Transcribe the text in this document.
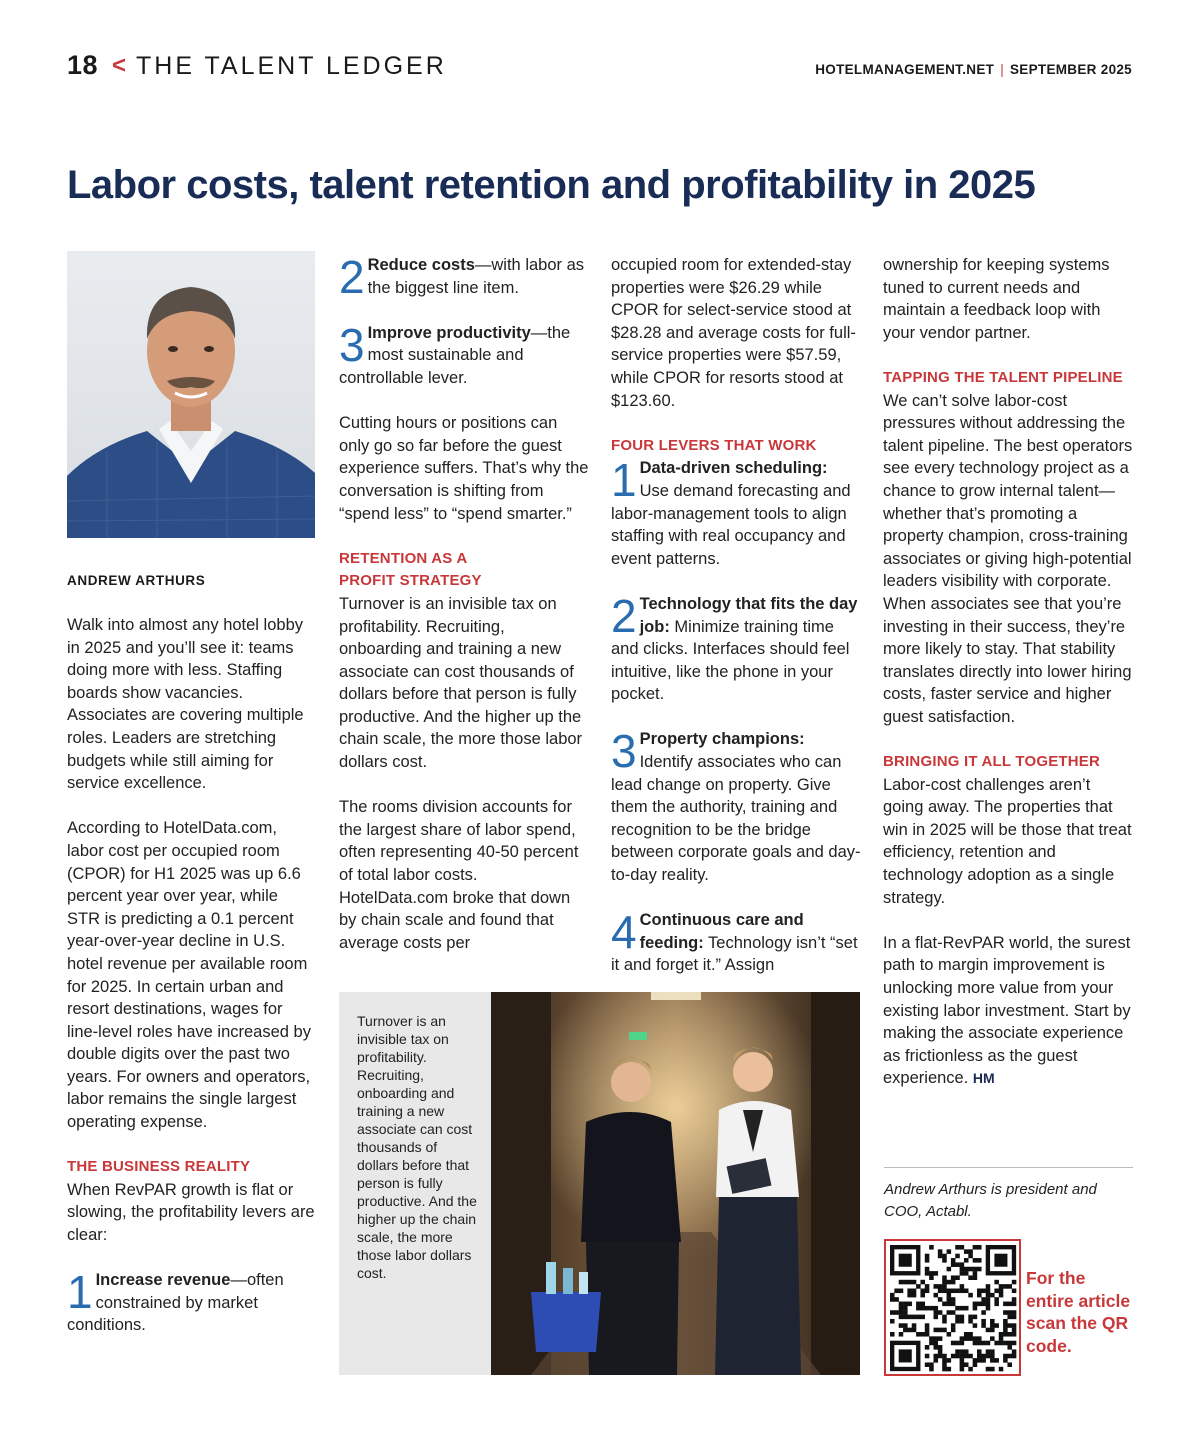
18 < THE TALENT LEDGER	HOTELMANAGEMENT.NET | SEPTEMBER 2025
Labor costs, talent retention and profitability in 2025
ANDREW ARTHURS

Walk into almost any hotel lobby in 2025 and you’ll see it: teams doing more with less. Staffing boards show vacancies. Associates are covering multiple roles. Leaders are stretching budgets while still aiming for service excellence.

According to HotelData.com, labor cost per occupied room (CPOR) for H1 2025 was up 6.6 percent year over year, while STR is predicting a 0.1 percent year-over-year decline in U.S. hotel revenue per available room for 2025. In certain urban and resort destinations, wages for line-level roles have increased by double digits over the past two years. For owners and operators, labor remains the single largest operating expense.

THE BUSINESS REALITY

When RevPAR growth is flat or slowing, the profitability levers are clear:

1 Increase revenue—often constrained by market conditions.

2 Reduce costs—with labor as the biggest line item.

3 Improve productivity—the most sustainable and controllable lever.

Cutting hours or positions can only go so far before the guest experience suffers. That’s why the conversation is shifting from “spend less” to “spend smarter.”

RETENTION AS A
PROFIT STRATEGY

Turnover is an invisible tax on profitability. Recruiting, onboarding and training a new associate can cost thousands of dollars before that person is fully productive. And the higher up the chain scale, the more those labor dollars cost.

The rooms division accounts for the largest share of labor spend, often representing 40-50 percent of total labor costs. HotelData.com broke that down by chain scale and found that average costs per

occupied room for extended-stay properties were $26.29 while CPOR for select-service stood at $28.28 and average costs for full-service properties were $57.59, while CPOR for resorts stood at $123.60.

FOUR LEVERS THAT WORK

1 Data-driven scheduling: Use demand forecasting and labor-management tools to align staffing with real occupancy and event patterns.

2 Technology that fits the day job: Minimize training time and clicks. Interfaces should feel intuitive, like the phone in your pocket.

3 Property champions: Identify associates who can lead change on property. Give them the authority, training and recognition to be the bridge between corporate goals and day-to-day reality.

4 Continuous care and feeding: Technology isn’t “set it and forget it.” Assign

ownership for keeping systems tuned to current needs and maintain a feedback loop with your vendor partner.

TAPPING THE TALENT PIPELINE

We can’t solve labor-cost pressures without addressing the talent pipeline. The best operators see every technology project as a chance to grow internal talent—whether that’s promoting a property champion, cross-training associates or giving high-potential leaders visibility with corporate. When associates see that you’re investing in their success, they’re more likely to stay. That stability translates directly into lower hiring costs, faster service and higher guest satisfaction.

BRINGING IT ALL TOGETHER

Labor-cost challenges aren’t going away. The properties that win in 2025 will be those that treat efficiency, retention and technology adoption as a single strategy.

In a flat-RevPAR world, the surest path to margin improvement is unlocking more value from your existing labor investment. Start by making the associate experience as frictionless as the guest experience. HM

Turnover is an invisible tax on profitability. Recruiting, onboarding and training a new associate can cost thousands of dollars before that person is fully productive. And the higher up the chain scale, the more those labor dollars cost.
Andrew Arthurs is president and COO, Actabl.
For the entire article scan the QR code.
